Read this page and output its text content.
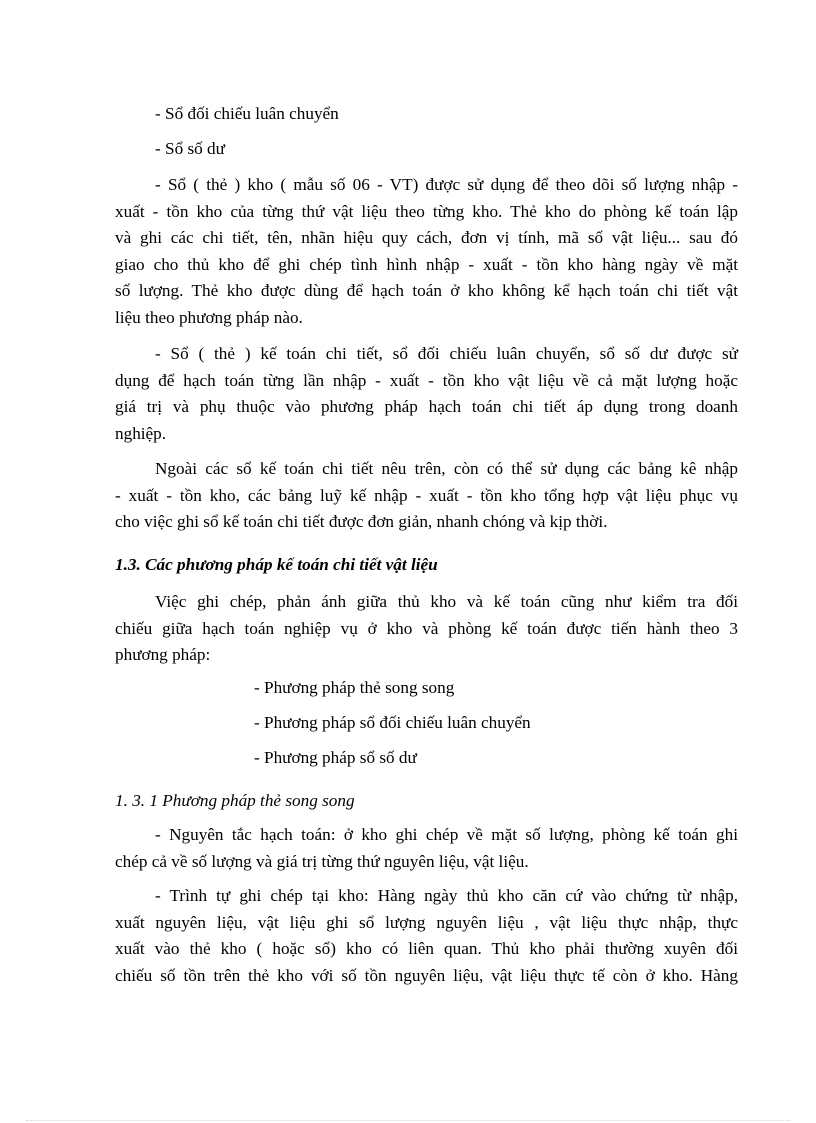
- Sổ đối chiếu luân chuyển
- Sổ số dư
- Sổ ( thẻ ) kho ( mẫu số 06 - VT) được sử dụng để theo dõi số lượng nhập -
xuất - tồn kho của từng thứ vật liệu theo từng kho. Thẻ kho do phòng kế toán lập
và ghi các chi tiết, tên, nhãn hiệu quy cách, đơn vị tính, mã số vật liệu... sau đó
giao cho thủ kho để ghi chép tình hình nhập - xuất - tồn kho hàng ngày về mặt
số lượng. Thẻ kho được dùng để hạch toán ở kho không kể hạch toán chi tiết vật
liệu theo phương pháp nào.
- Sổ ( thẻ ) kế toán chi tiết, sổ đối chiếu luân chuyển, sổ số dư được sử
dụng để hạch toán từng lần nhập - xuất - tồn kho vật liệu về cả mặt lượng hoặc
giá trị và phụ thuộc vào phương pháp hạch toán chi tiết áp dụng trong doanh
nghiệp.
Ngoài các sổ kế toán chi tiết nêu trên, còn có thể sử dụng các bảng kê nhập
- xuất - tồn kho, các bảng luỹ kế nhập - xuất - tồn kho tổng hợp vật liệu phục vụ
cho việc ghi sổ kế toán chi tiết được đơn giản, nhanh chóng và kịp thời.
1.3. Các phương pháp kế toán chi tiết vật liệu
Việc ghi chép, phản ánh giữa thủ kho và kế toán cũng như kiểm tra đối
chiếu giữa hạch toán nghiệp vụ ở kho và phòng kế toán được tiến hành theo 3
phương pháp:
- Phương pháp thẻ song song
- Phương pháp sổ đối chiếu luân chuyển
- Phương pháp sổ số dư
1. 3. 1 Phương pháp thẻ song song
- Nguyên tắc hạch toán: ở kho ghi chép về mặt số lượng, phòng kế toán ghi
chép cả về số lượng và giá trị từng thứ nguyên liệu, vật liệu.
- Trình tự ghi chép tại kho: Hàng ngày thủ kho căn cứ vào chứng từ nhập,
xuất nguyên liệu, vật liệu ghi sổ lượng nguyên liệu , vật liệu thực nhập, thực
xuất vào thẻ kho ( hoặc sổ) kho có liên quan. Thủ kho phải thường xuyên đối
chiếu số tồn trên thẻ kho với số tồn nguyên liệu, vật liệu thực tế còn ở kho. Hàng
